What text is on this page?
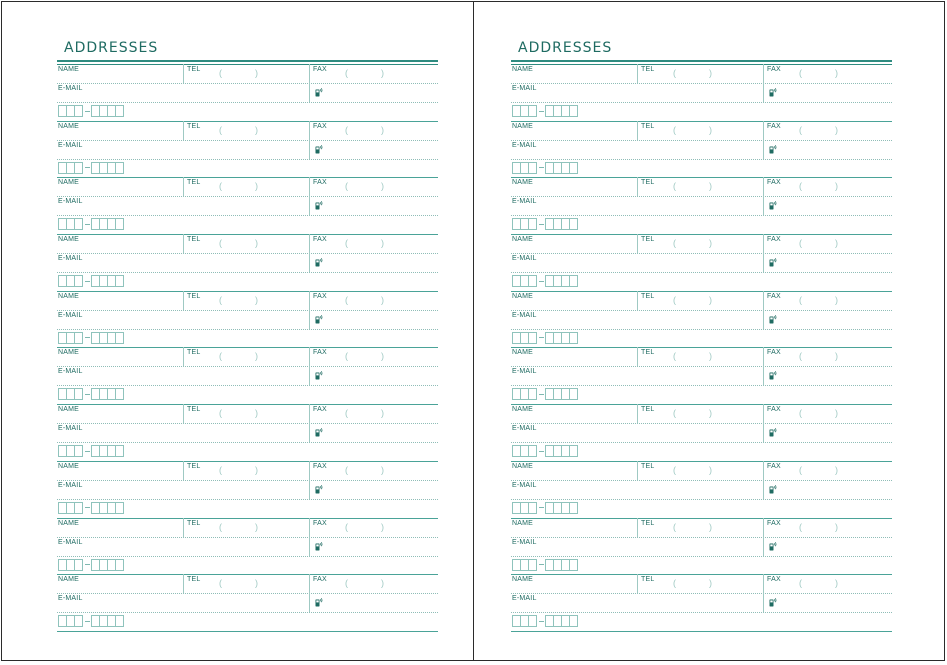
ADDRESSES
NAME	TEL (	)	FAX (	)
E-MAIL
NAME	TEL (	)	FAX (	)
E-MAIL
NAME	TEL (	)	FAX (	)
E-MAIL
NAME	TEL (	)	FAX (	)
E-MAIL
NAME	TEL (	)	FAX (	)
E-MAIL
NAME	TEL (	)	FAX (	)
E-MAIL
NAME	TEL (	)	FAX (	)
E-MAIL
NAME	TEL (	)	FAX (	)
E-MAIL
NAME	TEL (	)	FAX (	)
E-MAIL
NAME	TEL (	)	FAX (	)
E-MAIL
ADDRESSES
NAME	TEL (	)	FAX (	)
E-MAIL
NAME	TEL (	)	FAX (	)
E-MAIL
NAME	TEL (	)	FAX (	)
E-MAIL
NAME	TEL (	)	FAX (	)
E-MAIL
NAME	TEL (	)	FAX (	)
E-MAIL
NAME	TEL (	)	FAX (	)
E-MAIL
NAME	TEL (	)	FAX (	)
E-MAIL
NAME	TEL (	)	FAX (	)
E-MAIL
NAME	TEL (	)	FAX (	)
E-MAIL
NAME	TEL (	)	FAX (	)
E-MAIL
